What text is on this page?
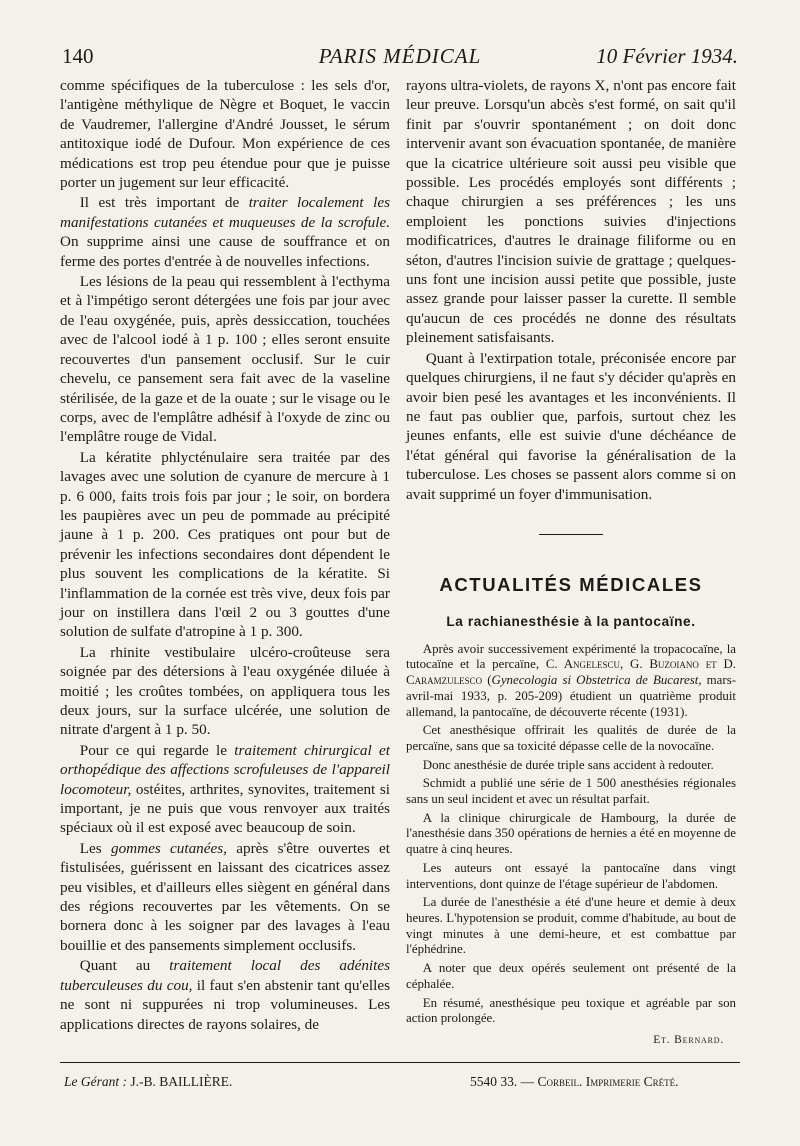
140	PARIS MÉDICAL	10 Février 1934.

comme spécifiques de la tuberculose : les sels d'or, l'antigène méthylique de Nègre et Boquet, le vaccin de Vaudremer, l'allergine d'André Jousset, le sérum antitoxique iodé de Dufour. Mon expérience de ces médications est trop peu étendue pour que je puisse porter un jugement sur leur efficacité.

Il est très important de traiter localement les manifestations cutanées et muqueuses de la scrofule. On supprime ainsi une cause de souffrance et on ferme des portes d'entrée à de nouvelles infections.

Les lésions de la peau qui ressemblent à l'ecthyma et à l'impétigo seront détergées une fois par jour avec de l'eau oxygénée, puis, après dessiccation, touchées avec de l'alcool iodé à 1 p. 100 ; elles seront ensuite recouvertes d'un pansement occlusif. Sur le cuir chevelu, ce pansement sera fait avec de la vaseline stérilisée, de la gaze et de la ouate ; sur le visage ou le corps, avec de l'emplâtre adhésif à l'oxyde de zinc ou l'emplâtre rouge de Vidal.

La kératite phlycténulaire sera traitée par des lavages avec une solution de cyanure de mercure à 1 p. 6 000, faits trois fois par jour ; le soir, on bordera les paupières avec un peu de pommade au précipité jaune à 1 p. 200. Ces pratiques ont pour but de prévenir les infections secondaires dont dépendent le plus souvent les complications de la kératite. Si l'inflammation de la cornée est très vive, deux fois par jour on instillera dans l'œil 2 ou 3 gouttes d'une solution de sulfate d'atropine à 1 p. 300.

La rhinite vestibulaire ulcéro-croûteuse sera soignée par des détersions à l'eau oxygénée diluée à moitié ; les croûtes tombées, on appliquera tous les deux jours, sur la surface ulcérée, une solution de nitrate d'argent à 1 p. 50.

Pour ce qui regarde le traitement chirurgical et orthopédique des affections scrofuleuses de l'appareil locomoteur, ostéites, arthrites, synovites, traitement si important, je ne puis que vous renvoyer aux traités spéciaux où il est exposé avec beaucoup de soin.

Les gommes cutanées, après s'être ouvertes et fistulisées, guérissent en laissant des cicatrices assez peu visibles, et d'ailleurs elles siègent en général dans des régions recouvertes par les vêtements. On se bornera donc à les soigner par des lavages à l'eau bouillie et des pansements simplement occlusifs.

Quant au traitement local des adénites tuberculeuses du cou, il faut s'en abstenir tant qu'elles ne sont ni suppurées ni trop volumineuses. Les applications directes de rayons solaires, de

rayons ultra-violets, de rayons X, n'ont pas encore fait leur preuve. Lorsqu'un abcès s'est formé, on sait qu'il finit par s'ouvrir spontanément ; on doit donc intervenir avant son évacuation spontanée, de manière que la cicatrice ultérieure soit aussi peu visible que possible. Les procédés employés sont différents ; chaque chirurgien a ses préférences ; les uns emploient les ponctions suivies d'injections modificatrices, d'autres le drainage filiforme ou en séton, d'autres l'incision suivie de grattage ; quelques-uns font une incision aussi petite que possible, juste assez grande pour laisser passer la curette. Il semble qu'aucun de ces procédés ne donne des résultats pleinement satisfaisants.

Quant à l'extirpation totale, préconisée encore par quelques chirurgiens, il ne faut s'y décider qu'après en avoir bien pesé les avantages et les inconvénients. Il ne faut pas oublier que, parfois, surtout chez les jeunes enfants, elle est suivie d'une déchéance de l'état général qui favorise la généralisation de la tuberculose. Les choses se passent alors comme si on avait supprimé un foyer d'immunisation.

ACTUALITÉS MÉDICALES
La rachianesthésie à la pantocaïne.

Après avoir successivement expérimenté la tropacocaïne, la tutocaïne et la percaïne, C. Angelescu, G. Buzoiano et D. Caramzulesco (Gynecologia si Obstetrica de Bucarest, mars-avril-mai 1933, p. 205-209) étudient un quatrième produit allemand, la pantocaïne, de découverte récente (1931).

Cet anesthésique offrirait les qualités de durée de la percaïne, sans que sa toxicité dépasse celle de la novocaïne.

Donc anesthésie de durée triple sans accident à redouter.

Schmidt a publié une série de 1 500 anesthésies régionales sans un seul incident et avec un résultat parfait.

A la clinique chirurgicale de Hambourg, la durée de l'anesthésie dans 350 opérations de hernies a été en moyenne de quatre à cinq heures.

Les auteurs ont essayé la pantocaïne dans vingt interventions, dont quinze de l'étage supérieur de l'abdomen.

La durée de l'anesthésie a été d'une heure et demie à deux heures. L'hypotension se produit, comme d'habitude, au bout de vingt minutes à une demi-heure, et est combattue par l'éphédrine.

A noter que deux opérés seulement ont présenté de la céphalée.

En résumé, anesthésique peu toxique et agréable par son action prolongée.

Et. Bernard.
Le Gérant : J.-B. BAILLIÈRE.	5540 33. — Corbeil. Imprimerie Crété.
